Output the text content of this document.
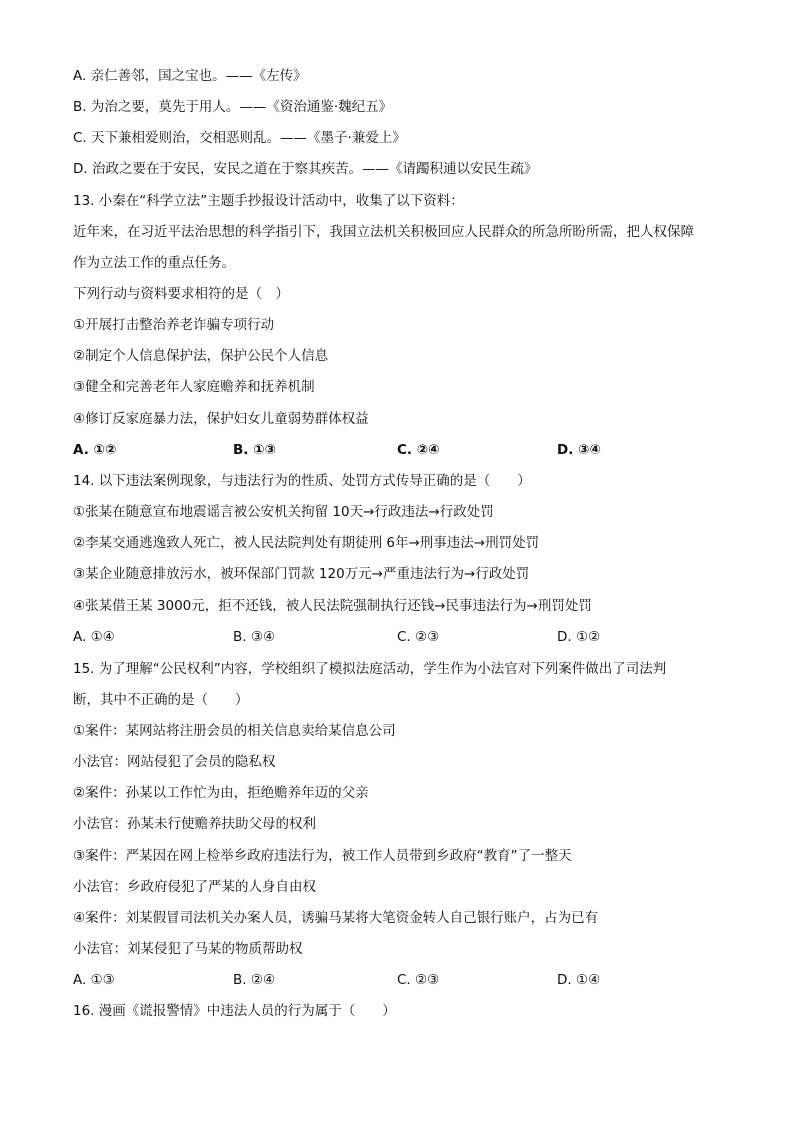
A. 亲仁善邻，国之宝也。——《左传》
B. 为治之要，莫先于用人。——《资治通鉴·魏纪五》
C. 天下兼相爱则治，交相恶则乱。——《墨子·兼爱上》
D. 治政之要在于安民，安民之道在于察其疾苦。——《请躅积逋以安民生疏》
13. 小秦在“科学立法”主题手抄报设计活动中，收集了以下资料：
近年来，在习近平法治思想的科学指引下，我国立法机关积极回应人民群众的所急所盼所需，把人权保障
作为立法工作的重点任务。
下列行动与资料要求相符的是（　）
①开展打击整治养老诈骗专项行动
②制定个人信息保护法，保护公民个人信息
③健全和完善老年人家庭赡养和抚养机制
④修订反家庭暴力法，保护妇女儿童弱势群体权益
A. ①②	B. ①③	C. ②④	D. ③④
14. 以下违法案例现象，与违法行为的性质、处罚方式传导正确的是（　　）
①张某在随意宣布地震谣言被公安机关拘留 10天→行政违法→行政处罚
②李某交通逃逸致人死亡，被人民法院判处有期徒刑 6年→刑事违法→刑罚处罚
③某企业随意排放污水，被环保部门罚款 120万元→严重违法行为→行政处罚
④张某借王某 3000元，拒不还钱，被人民法院强制执行还钱→民事违法行为→刑罚处罚
A. ①④	B. ③④	C. ②③	D. ①②
15. 为了理解“公民权利”内容，学校组织了模拟法庭活动，学生作为小法官对下列案件做出了司法判
断，其中不正确的是（　　）
①案件：某网站将注册会员的相关信息卖给某信息公司
小法官：网站侵犯了会员的隐私权
②案件：孙某以工作忙为由，拒绝赡养年迈的父亲
小法官：孙某未行使赡养扶助父母的权利
③案件：严某因在网上检举乡政府违法行为，被工作人员带到乡政府“教育”了一整天
小法官：乡政府侵犯了严某的人身自由权
④案件：刘某假冒司法机关办案人员，诱骗马某将大笔资金转人自己银行账户，占为已有
小法官：刘某侵犯了马某的物质帮助权
A. ①③	B. ②④	C. ②③	D. ①④
16. 漫画《谎报警情》中违法人员的行为属于（　　）
